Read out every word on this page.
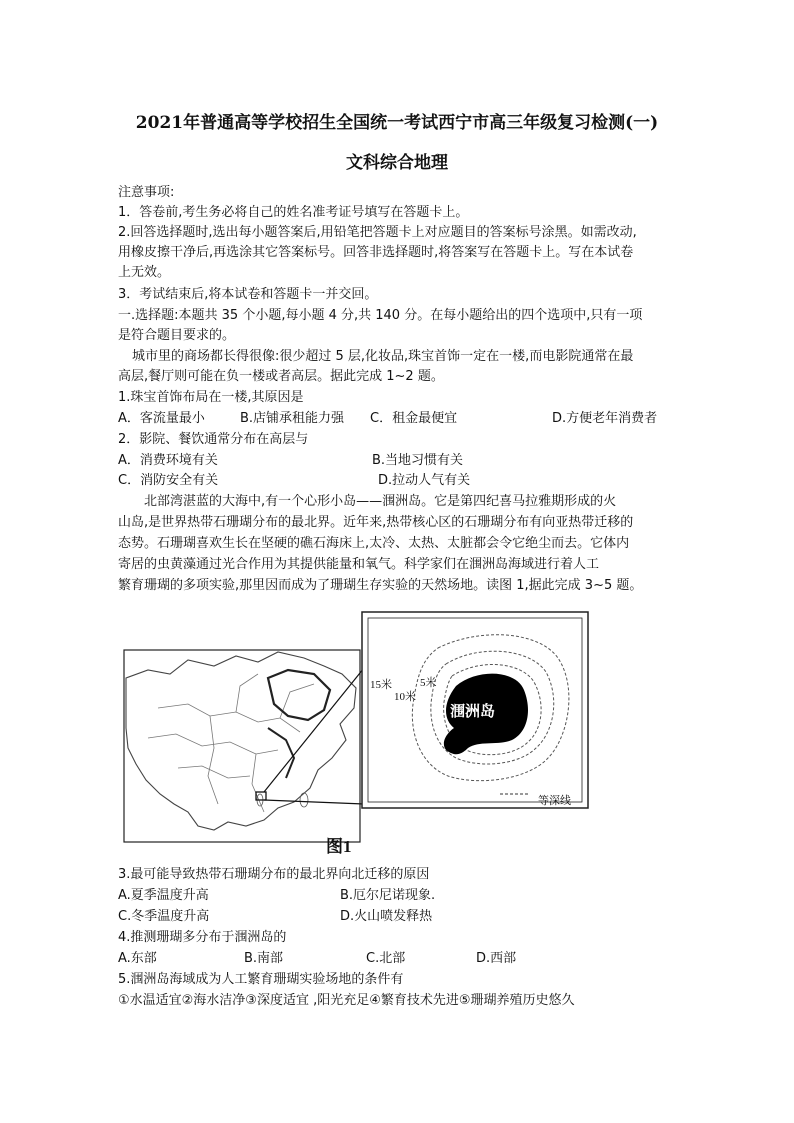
2021年普通高等学校招生全国统一考试西宁市高三年级复习检测(一)
文科综合地理
注意事项:
1．答卷前,考生务必将自己的姓名准考证号填写在答题卡上。
2.回答选择题时,选出每小题答案后,用铅笔把答题卡上对应题目的答案标号涂黑。如需改动,
用橡皮擦干净后,再选涂其它答案标号。回答非选择题时,将答案写在答题卡上。写在本试卷
上无效。
3．考试结束后,将本试卷和答题卡一并交回。
一.选择题:本题共 35 个小题,每小题 4 分,共 140 分。在每小题给出的四个选项中,只有一项
是符合题目要求的。
城市里的商场都长得很像:很少超过 5 层,化妆品,珠宝首饰一定在一楼,而电影院通常在最
高层,餐厅则可能在负一楼或者高层。据此完成 1~2 题。
1.珠宝首饰布局在一楼,其原因是
A．客流量最小	B.店铺承租能力强 C．租金最便宜	D.方便老年消费者
2．影院、餐饮通常分布在高层与
A．消费环境有关	B.当地习惯有关
C．消防安全有关	D.拉动人气有关
北部湾湛蓝的大海中,有一个心形小岛——涠洲岛。它是第四纪喜马拉雅期形成的火
山岛,是世界热带石珊瑚分布的最北界。近年来,热带核心区的石珊瑚分布有向亚热带迁移的
态势。石珊瑚喜欢生长在坚硬的礁石海床上,太冷、太热、太脏都会令它绝尘而去。它体内
寄居的虫黄藻通过光合作用为其提供能量和氧气。科学家们在涠洲岛海域进行着人工
繁育珊瑚的多项实验,那里因而成为了珊瑚生存实验的天然场地。读图 1,据此完成 3~5 题。
15米
10米
5米
涠洲岛
等深线
图1
3.最可能导致热带石珊瑚分布的最北界向北迁移的原因
A.夏季温度升高	B.厄尔尼诺现象.
C.冬季温度升高	D.火山喷发释热
4.推测珊瑚多分布于涠洲岛的
A.东部	B.南部	C.北部	D.西部
5.涠洲岛海域成为人工繁育珊瑚实验场地的条件有
①水温适宜②海水洁净③深度适宜 ,阳光充足④繁育技术先进⑤珊瑚养殖历史悠久
